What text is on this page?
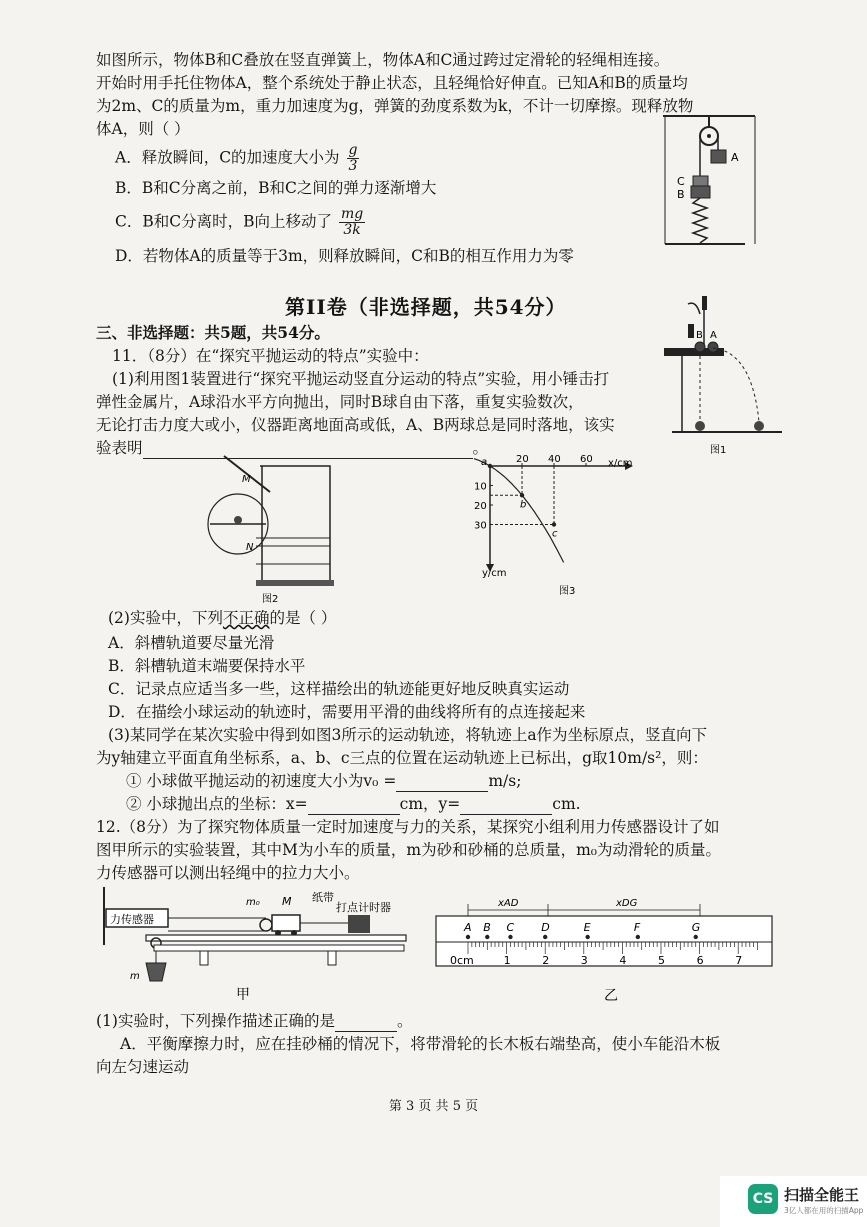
如图所示，物体B和C叠放在竖直弹簧上，物体A和C通过跨过定滑轮的轻绳相连接。
开始时用手托住物体A，整个系统处于静止状态，且轻绳恰好伸直。已知A和B的质量均
为2m、C的质量为m，重力加速度为g，弹簧的劲度系数为k，不计一切摩擦。现释放物
体A，则（ ）
A．释放瞬间，C的加速度大小为 $\frac{g}{3}$
B．B和C分离之前，B和C之间的弹力逐渐增大
C．B和C分离时，B向上移动了 $\frac{mg}{3k}$
D．若物体A的质量等于3m，则释放瞬间，C和B的相互作用力为零
A
C
B
第II卷（非选择题，共54分）
三、非选择题：共5题，共54分。
11．（8分）在“探究平抛运动的特点”实验中：
(1)利用图1装置进行“探究平抛运动竖直分运动的特点”实验，用小锤击打
弹性金属片，A球沿水平方向抛出，同时B球自由下落，重复实验数次，
无论打击力度大或小，仪器距离地面高或低，A、B两球总是同时落地，该实
验表明	。
B A
图1
M
N
图2
x/cm
y/cm
图3
20 40 60
10
20
30
a
b
c
(2)实验中，下列不正确的是（ ）
A．斜槽轨道要尽量光滑
B．斜槽轨道末端要保持水平
C．记录点应适当多一些，这样描绘出的轨迹能更好地反映真实运动
D．在描绘小球运动的轨迹时，需要用平滑的曲线将所有的点连接起来
(3)某同学在某次实验中得到如图3所示的运动轨迹，将轨迹上a作为坐标原点，竖直向下
为y轴建立平面直角坐标系，a、b、c三点的位置在运动轨迹上已标出，g取10m/s²，则：
① 小球做平抛运动的初速度大小为v₀ =	m/s;
② 小球抛出点的坐标：x=	cm，y=	cm.
12.（8分）为了探究物体质量一定时加速度与力的关系，某探究小组利用力传感器设计了如
图甲所示的实验装置，其中M为小车的质量，m为砂和砂桶的总质量，m₀为动滑轮的质量。
力传感器可以测出轻绳中的拉力大小。
力传感器
m₀ M 纸带
打点计时器
m
甲
0cm	1	2	3	4	5	6	7
A B C D	E	F	G
xAD	xDG
乙
(1)实验时，下列操作描述正确的是	。
A．平衡摩擦力时，应在挂砂桶的情况下，将带滑轮的长木板右端垫高，使小车能沿木板
向左匀速运动
第 3 页 共 5 页
CS 扫描全能王
3亿人都在用的扫描App
